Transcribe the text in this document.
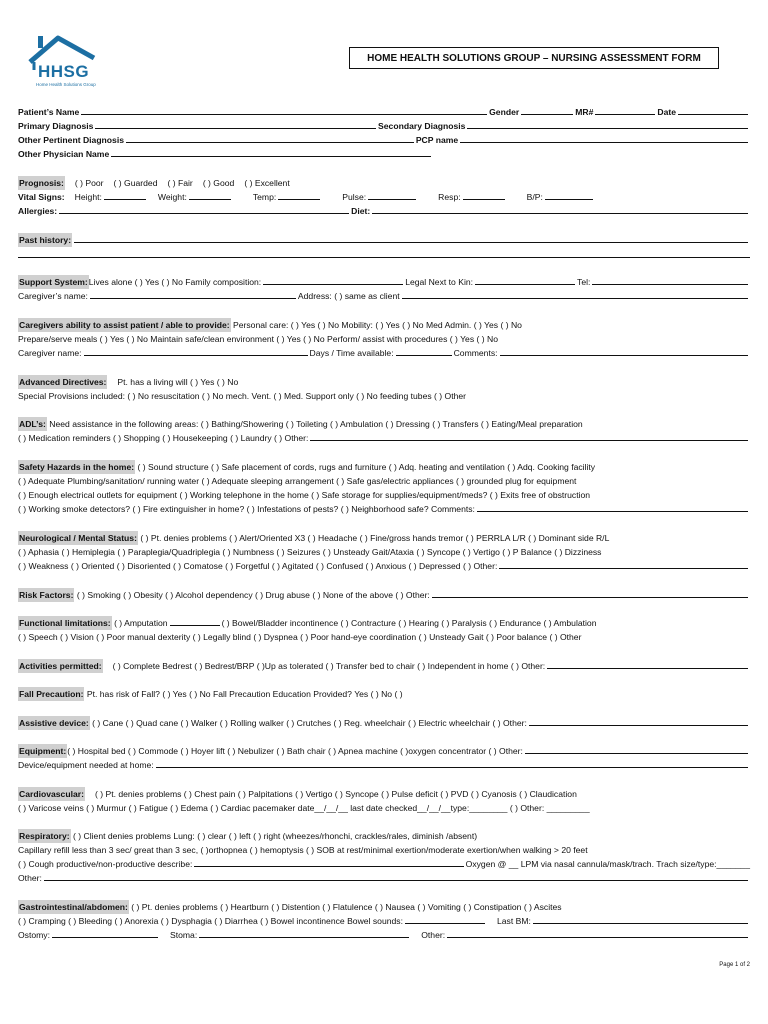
HHSG
Home Health Solutions Group
HOME HEALTH SOLUTIONS GROUP – NURSING ASSESSMENT FORM
Patient’s Name	Gender	MR#	Date
Primary Diagnosis	Secondary Diagnosis
Other Pertinent Diagnosis	PCP name
Other Physician Name
Prognosis: ( ) Poor ( ) Guarded ( ) Fair ( ) Good ( ) Excellent
Vital Signs: Height:	Weight:	Temp:	Pulse:	Resp:	B/P:
Allergies:	Diet:
Past history:
Support System: Lives alone ( ) Yes ( ) No Family composition:	Legal Next to Kin:	Tel:
Caregiver’s name:	Address: ( ) same as client
Caregivers ability to assist patient / able to provide:
Personal care: ( ) Yes ( ) No Mobility: ( ) Yes ( ) No Med Admin. ( ) Yes ( ) No
Prepare/serve meals ( ) Yes ( ) No Maintain safe/clean environment ( ) Yes ( ) No Perform/ assist with procedures ( ) Yes ( ) No
Caregiver name:	Days / Time available:	Comments:
Advanced Directives: Pt. has a living will ( ) Yes ( ) No
Special Provisions included: ( ) No resuscitation ( ) No mech. Vent. ( ) Med. Support only ( ) No feeding tubes ( ) Other
ADL’s:
Need assistance in the following areas: ( ) Bathing/Showering ( ) Toileting ( ) Ambulation ( ) Dressing ( ) Transfers ( ) Eating/Meal preparation
( ) Medication reminders ( ) Shopping ( ) Housekeeping ( ) Laundry ( ) Other:
Safety Hazards in the home:
( ) Sound structure ( ) Safe placement of cords, rugs and furniture ( ) Adq. heating and ventilation ( ) Adq. Cooking facility
( ) Adequate Plumbing/sanitation/ running water ( ) Adequate sleeping arrangement ( ) Safe gas/electric appliances ( ) grounded plug for equipment
( ) Enough electrical outlets for equipment ( ) Working telephone in the home ( ) Safe storage for supplies/equipment/meds? ( ) Exits free of obstruction
( ) Working smoke detectors? ( ) Fire extinguisher in home? ( ) Infestations of pests? ( ) Neighborhood safe? Comments:
Neurological / Mental Status:
( ) Pt. denies problems ( ) Alert/Oriented X3 ( ) Headache ( ) Fine/gross hands tremor ( ) PERRLA L/R ( ) Dominant side R/L
( ) Aphasia ( ) Hemiplegia ( ) Paraplegia/Quadriplegia ( ) Numbness ( ) Seizures ( ) Unsteady Gait/Ataxia ( ) Syncope ( ) Vertigo ( ) P Balance ( ) Dizziness
( ) Weakness ( ) Oriented ( ) Disoriented ( ) Comatose ( ) Forgetful ( ) Agitated ( ) Confused ( ) Anxious ( ) Depressed ( ) Other:
Risk Factors:
( ) Smoking ( ) Obesity ( ) Alcohol dependency ( ) Drug abuse ( ) None of the above ( ) Other:
Functional limitations:
( ) Amputation	( ) Bowel/Bladder incontinence ( ) Contracture ( ) Hearing ( ) Paralysis ( ) Endurance ( ) Ambulation
( ) Speech ( ) Vision ( ) Poor manual dexterity ( ) Legally blind ( ) Dyspnea ( ) Poor hand-eye coordination ( ) Unsteady Gait ( ) Poor balance ( ) Other
Activities permitted: ( ) Complete Bedrest ( ) Bedrest/BRP ( )Up as tolerated ( ) Transfer bed to chair ( ) Independent in home ( ) Other:
Fall Precaution:
Pt. has risk of Fall? ( ) Yes ( ) No Fall Precaution Education Provided? Yes ( ) No ( )
Assistive device:
( ) Cane ( ) Quad cane ( ) Walker ( ) Rolling walker ( ) Crutches ( ) Reg. wheelchair ( ) Electric wheelchair ( ) Other:
Equipment: ( ) Hospital bed ( ) Commode ( ) Hoyer lift ( ) Nebulizer ( ) Bath chair ( ) Apnea machine ( )oxygen concentrator ( ) Other:
Device/equipment needed at home:
Cardiovascular: ( ) Pt. denies problems ( ) Chest pain ( ) Palpitations ( ) Vertigo ( ) Syncope ( ) Pulse deficit ( ) PVD ( ) Cyanosis ( ) Claudication
( ) Varicose veins ( ) Murmur ( ) Fatigue ( ) Edema ( ) Cardiac pacemaker date__/__/__ last date checked__/__/__type:________ ( ) Other: _________
Respiratory:
( ) Client denies problems Lung: ( ) clear ( ) left ( ) right (wheezes/rhonchi, crackles/rales, diminish /absent)
Capillary refill less than 3 sec/ great than 3 sec, ( )orthopnea ( ) hemoptysis ( ) SOB at rest/minimal exertion/moderate exertion/when walking > 20 feet
( ) Cough productive/non-productive describe:	Oxygen @ __ LPM via nasal cannula/mask/trach. Trach size/type:_______
Other:
Gastrointestinal/abdomen:
( ) Pt. denies problems ( ) Heartburn ( ) Distention ( ) Flatulence ( ) Nausea ( ) Vomiting ( ) Constipation ( ) Ascites
( ) Cramping ( ) Bleeding ( ) Anorexia ( ) Dysphagia ( ) Diarrhea ( ) Bowel incontinence Bowel sounds:	Last BM:
Ostomy:	Stoma:	Other:
Page 1 of 2
